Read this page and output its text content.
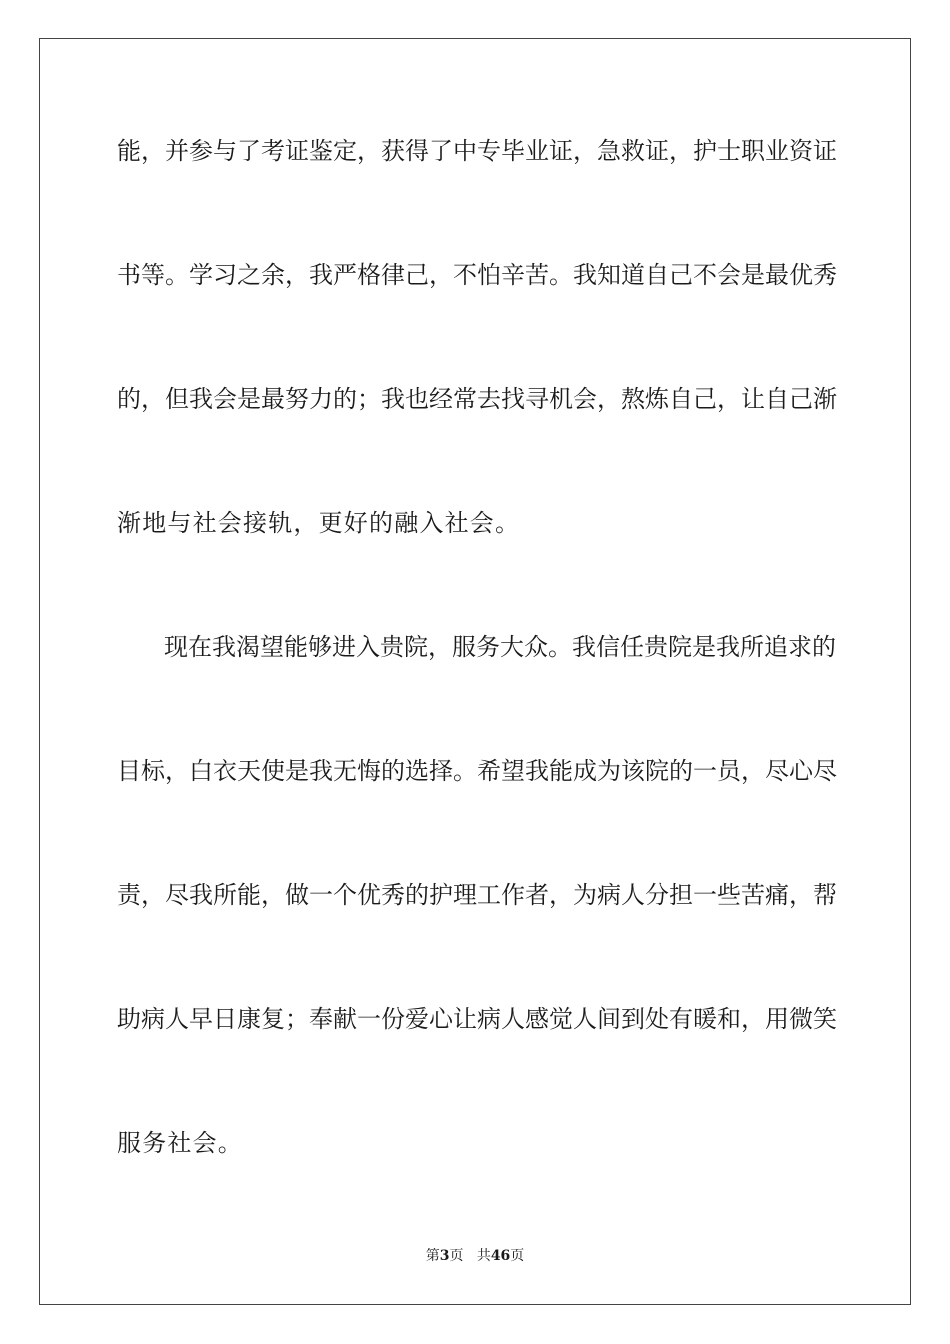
能，并参与了考证鉴定，获得了中专毕业证，急救证，护士职业资证
书等。学习之余，我严格律己，不怕辛苦。我知道自己不会是最优秀
的，但我会是最努力的；我也经常去找寻机会，熬炼自己，让自己渐
渐地与社会接轨，更好的融入社会。
现在我渴望能够进入贵院，服务大众。我信任贵院是我所追求的
目标，白衣天使是我无悔的选择。希望我能成为该院的一员，尽心尽
责，尽我所能，做一个优秀的护理工作者，为病人分担一些苦痛，帮
助病人早日康复；奉献一份爱心让病人感觉人间到处有暖和，用微笑
服务社会。
第3页 共46页
